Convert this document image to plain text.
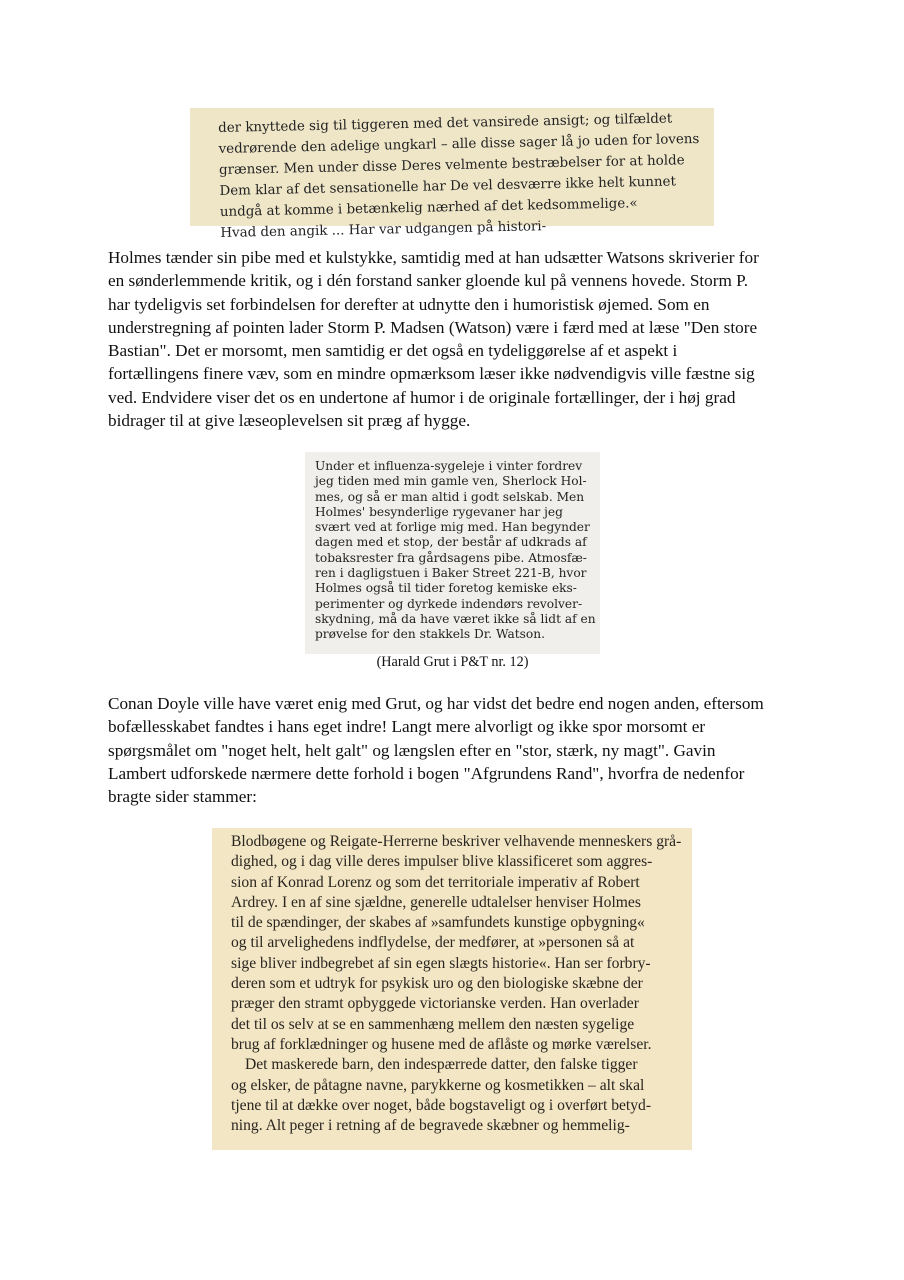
der knyttede sig til tiggeren med det vansirede ansigt; og tilfældet
vedrørende den adelige ungkarl – alle disse sager lå jo uden for lovens
grænser. Men under disse Deres velmente bestræbelser for at holde
Dem klar af det sensationelle har De vel desværre ikke helt kunnet
undgå at komme i betænkelig nærhed af det kedsommelige.«
Hvad den angik ... Har var udgangen på histori-
Holmes tænder sin pibe med et kulstykke, samtidig med at han udsætter Watsons skriverier for
en sønderlemmende kritik, og i dén forstand sanker gloende kul på vennens hovede. Storm P.
har tydeligvis set forbindelsen for derefter at udnytte den i humoristisk øjemed. Som en
understregning af pointen lader Storm P. Madsen (Watson) være i færd med at læse "Den store
Bastian". Det er morsomt, men samtidig er det også en tydeliggørelse af et aspekt i
fortællingens finere væv, som en mindre opmærksom læser ikke nødvendigvis ville fæstne sig
ved. Endvidere viser det os en undertone af humor i de originale fortællinger, der i høj grad
bidrager til at give læseoplevelsen sit præg af hygge.
Under et influenza-sygeleje i vinter fordrev
jeg tiden med min gamle ven, Sherlock Hol-
mes, og så er man altid i godt selskab. Men
Holmes' besynderlige rygevaner har jeg
svært ved at forlige mig med. Han begynder
dagen med et stop, der består af udkrads af
tobaksrester fra gårdsagens pibe. Atmosfæ-
ren i dagligstuen i Baker Street 221-B, hvor
Holmes også til tider foretog kemiske eks-
perimenter og dyrkede indendørs revolver-
skydning, må da have været ikke så lidt af en
prøvelse for den stakkels Dr. Watson.
(Harald Grut i P&T nr. 12)
Conan Doyle ville have været enig med Grut, og har vidst det bedre end nogen anden, eftersom
bofællesskabet fandtes i hans eget indre! Langt mere alvorligt og ikke spor morsomt er
spørgsmålet om "noget helt, helt galt" og længslen efter en "stor, stærk, ny magt". Gavin
Lambert udforskede nærmere dette forhold i bogen "Afgrundens Rand", hvorfra de nedenfor
bragte sider stammer:
Blodbøgene og Reigate-Herrerne beskriver velhavende menneskers grå-
dighed, og i dag ville deres impulser blive klassificeret som aggres-
sion af Konrad Lorenz og som det territoriale imperativ af Robert
Ardrey. I en af sine sjældne, generelle udtalelser henviser Holmes
til de spændinger, der skabes af »samfundets kunstige opbygning«
og til arvelighedens indflydelse, der medfører, at »personen så at
sige bliver indbegrebet af sin egen slægts historie«. Han ser forbry-
deren som et udtryk for psykisk uro og den biologiske skæbne der
præger den stramt opbyggede victorianske verden. Han overlader
det til os selv at se en sammenhæng mellem den næsten sygelige
brug af forklædninger og husene med de aflåste og mørke værelser.
Det maskerede barn, den indespærrede datter, den falske tigger
og elsker, de påtagne navne, parykkerne og kosmetikken – alt skal
tjene til at dække over noget, både bogstaveligt og i overført betyd-
ning. Alt peger i retning af de begravede skæbner og hemmelig-
